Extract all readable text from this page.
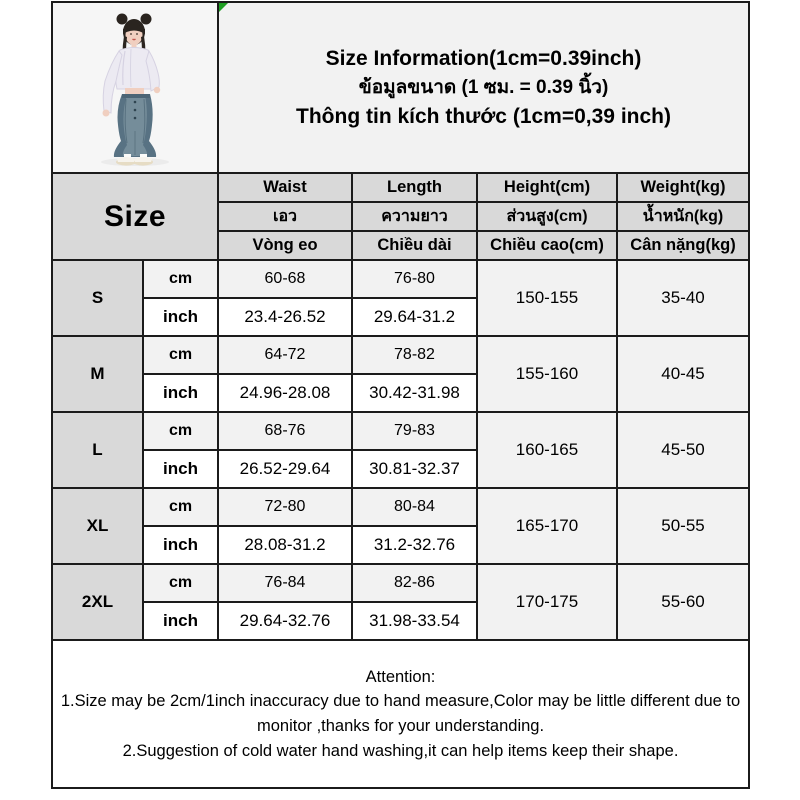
Size Information(1cm=0.39inch)
ข้อมูลขนาด (1 ซม. = 0.39 นิ้ว)
Thông tin kích thước (1cm=0,39 inch)			

Size		Waist	Length	Height(cm)	Weight(kg)
		เอว	ความยาว	ส่วนสูง(cm)	น้ำหนัก(kg)
		Vòng eo	Chiều dài	Chiều cao(cm)	Cân nặng(kg)
S	cm	60-68	76-80	150-155	35-40
	inch	23.4-26.52	29.64-31.2		
M	cm	64-72	78-82	155-160	40-45
	inch	24.96-28.08	30.42-31.98		
L	cm	68-76	79-83	160-165	45-50
	inch	26.52-29.64	30.81-32.37		
XL	cm	72-80	80-84	165-170	50-55
	inch	28.08-31.2	31.2-32.76		
2XL	cm	76-84	82-86	170-175	55-60
	inch	29.64-32.76	31.98-33.54		

Attention:

1.Size may be 2cm/1inch inaccuracy due to hand measure,Color may be little different due to monitor ,thanks for your understanding.

2.Suggestion of cold water hand washing,it can help items keep their shape.					
